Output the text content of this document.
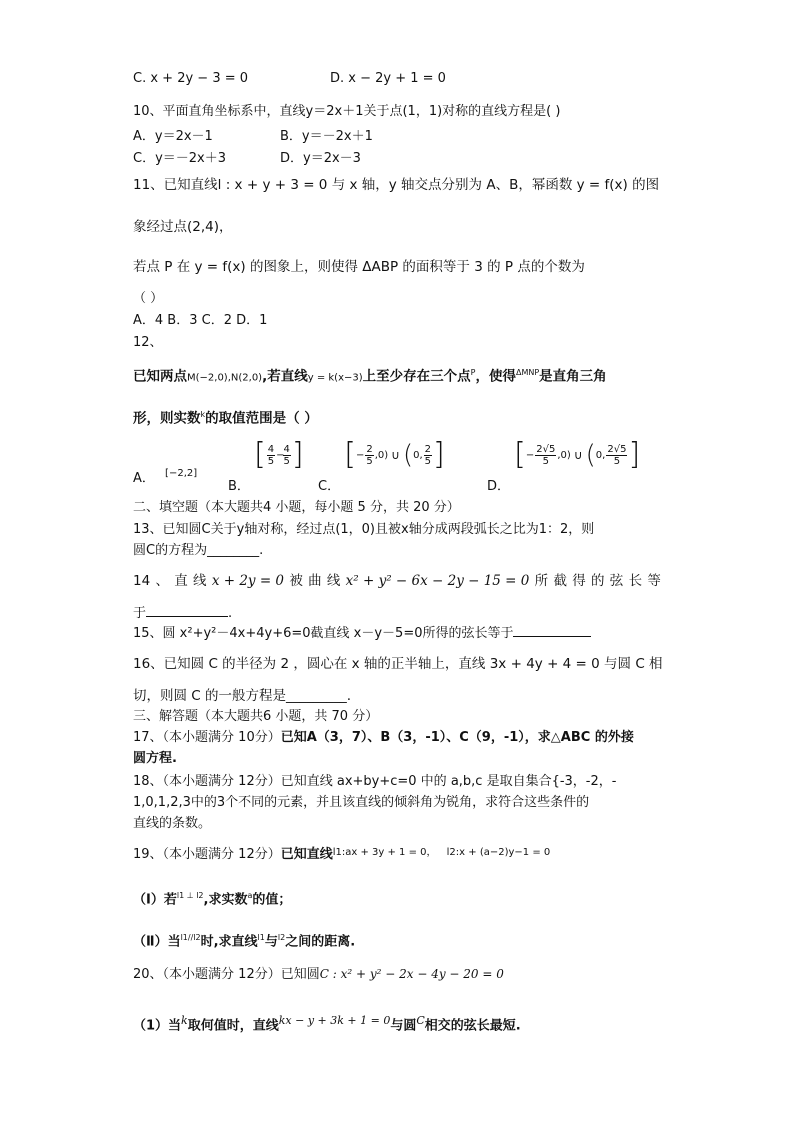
C. x + 2y − 3 = 0	D. x − 2y + 1 = 0
10、平面直角坐标系中，直线y＝2x＋1关于点(1，1)对称的直线方程是( )
A．y＝2x－1	B．y＝－2x＋1
C．y＝－2x＋3	D．y＝2x－3
11、已知直线l : x + y + 3 = 0 与 x 轴，y 轴交点分别为 A、B，幂函数 y = f(x) 的图
象经过点(2,4)，
若点 P 在 y = f(x) 的图象上，则使得 ΔABP 的面积等于 3 的 P 点的个数为
（ ）
A．4 B．3 C．2 D．1
12、
已知两点M(−2,0),N(2,0),若直线y = k(x−3)上至少存在三个点$^P$，使得$^{\Delta MNP}$是直角三角
形，则实数$^k$的取值范围是（ ）
A． [−2,2]
B．
[ $\frac{4}{5}$ −
$\frac{4}{5}$ ]
C．
[ − $\frac{2}{5} ,0$) ∪ ( 0, $\frac{2}{5}$ ]
D．
[ − $\frac{2√5}{5} ,0$) ∪ ( 0, $\frac{2√5}{5}$ ]
二、填空题（本大题共4 小题，每小题 5 分，共 20 分）
13、已知圆C关于y轴对称，经过点(1，0)且被x轴分成两段弧长之比为1：2，则
圆C的方程为________.
14 、 直 线 x + 2y = 0 被 曲 线 x² + y² − 6x − 2y − 15 = 0 所 截 得 的 弦 长 等
于	.
15、圆 x²+y²－4x+4y+6=0截直线 x－y－5=0所得的弦长等于
16、已知圆 C 的半径为 2 ，圆心在 x 轴的正半轴上，直线 3x + 4y + 4 = 0 与圆 C 相
切，则圆 C 的一般方程是_________.
三、解答题（本大题共6 小题，共 70 分）
17、（本小题满分 10分）已知A（3，7）、B（3，-1）、C（9，-1），求△ABC 的外接
圆方程.
18、（本小题满分 12分）已知直线 ax+by+c=0 中的 a,b,c 是取自集合{-3，-2，-
1,0,1,2,3中的3个不同的元素，并且该直线的倾斜角为锐角，求符合这些条件的
直线的条数。
19、（本小题满分 12分）已知直线$^{l1:ax + 3y + 1 = 0,}$ $^{l2:x + (a-2)y-1 = 0}$
（Ⅰ）若$^{l1 \perp l2}$,求实数$^a$的值；
（Ⅱ）当$^{l1//l2}$时,求直线$^{l1}$与$^{l2}$之间的距离.
20、（本小题满分 12分）已知圆C : x² + y² − 2x − 4y − 20 = 0
（1）当$^k$取何值时，直线$^{kx - y + 3k + 1 = 0}$与圆$^C$相交的弦长最短.
